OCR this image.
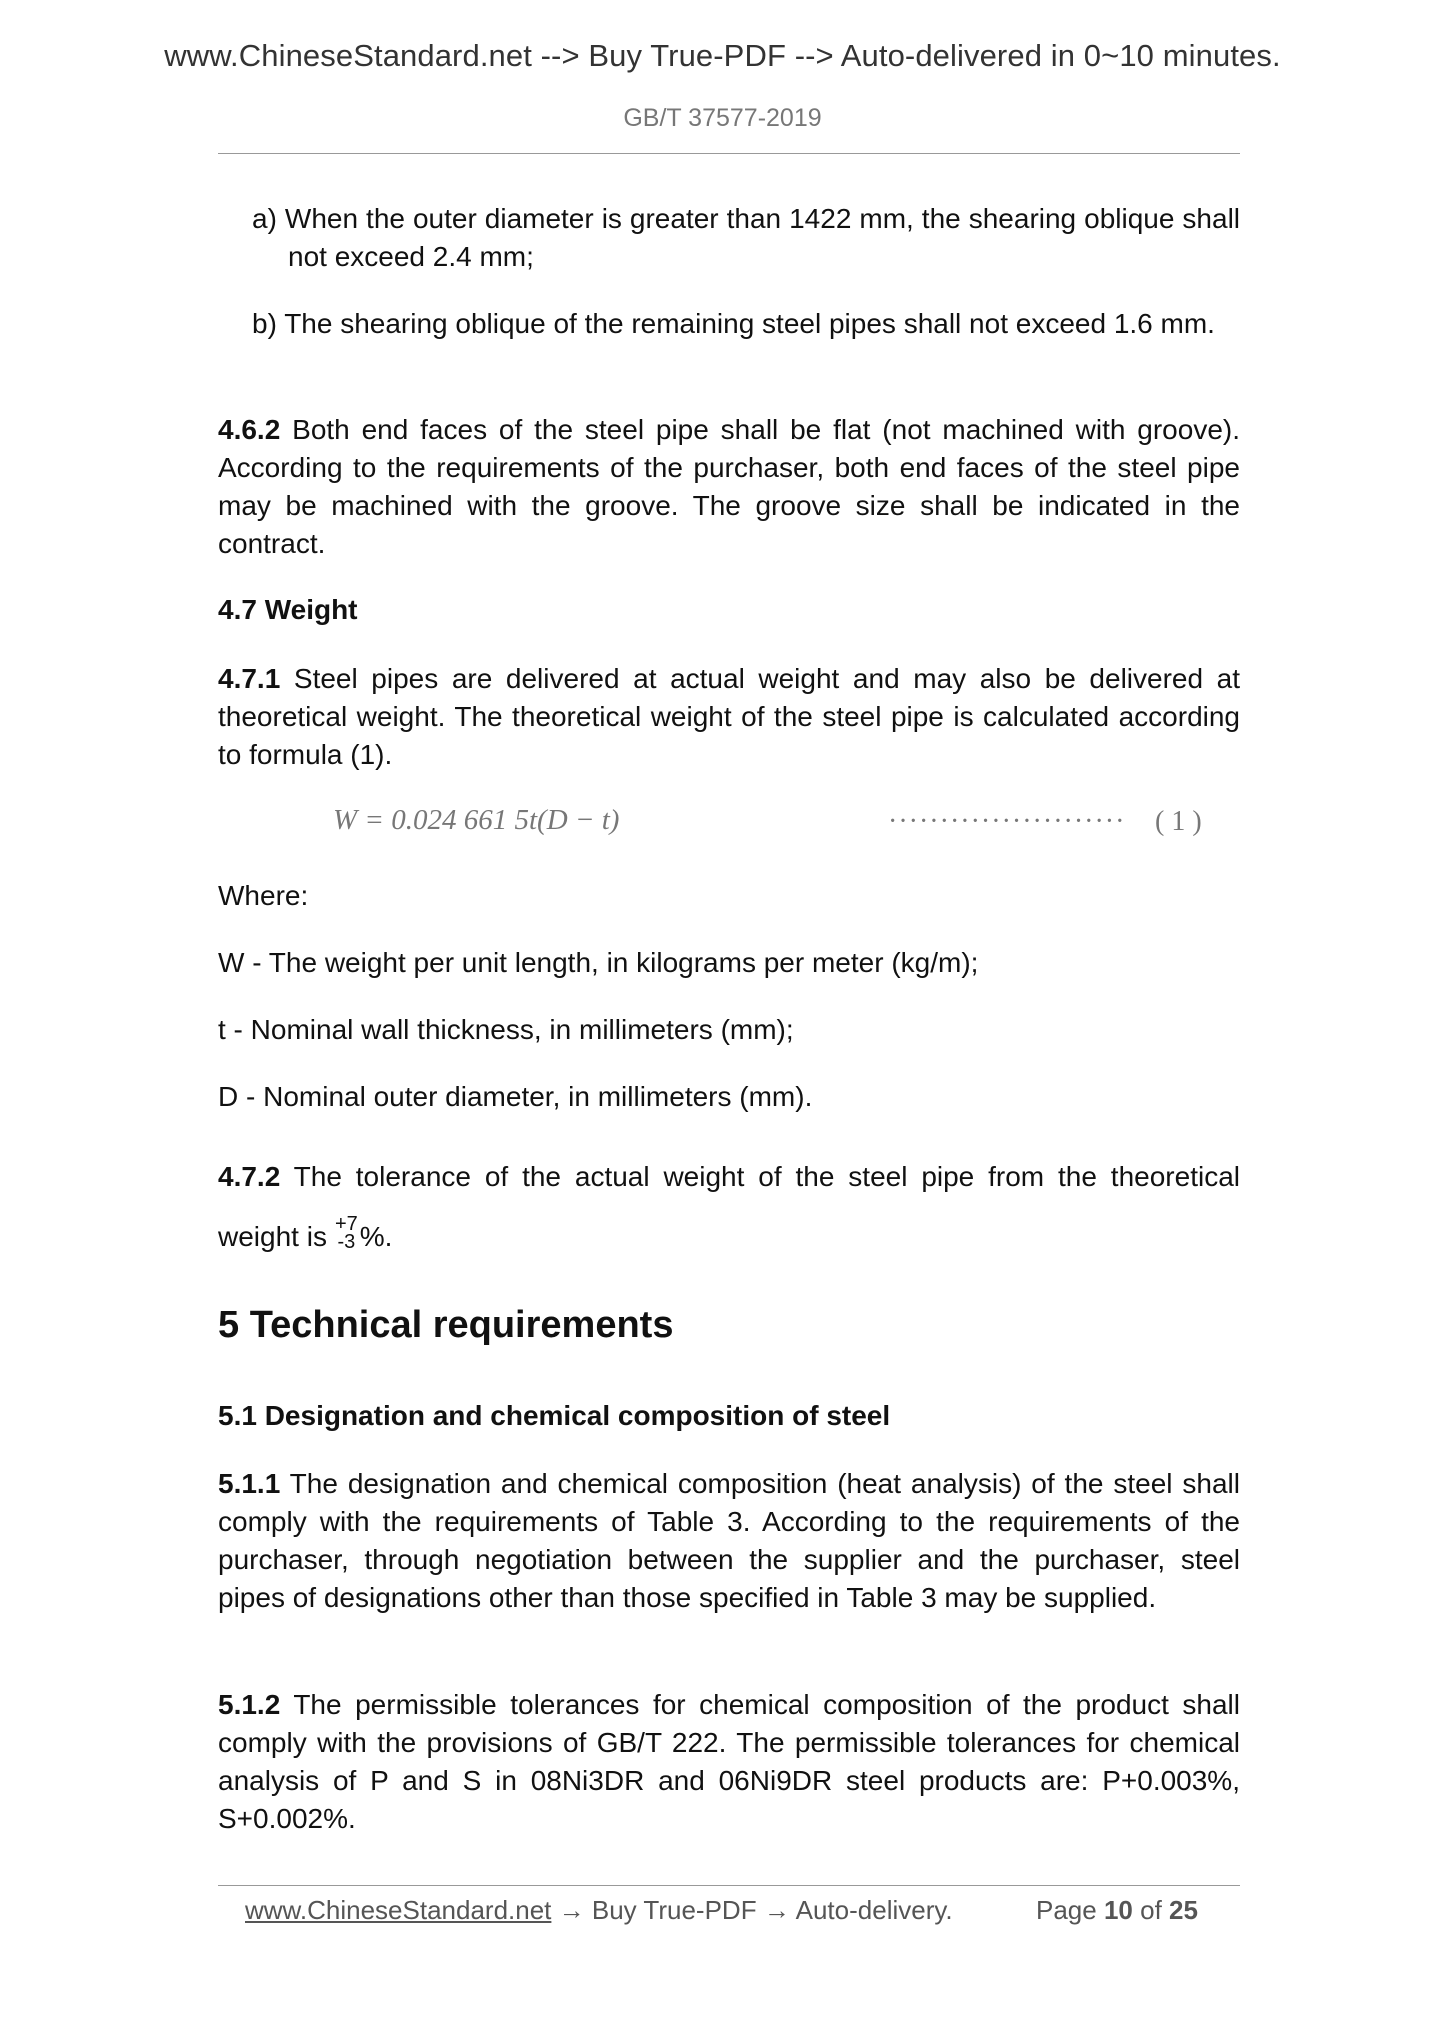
www.ChineseStandard.net --> Buy True-PDF --> Auto-delivered in 0~10 minutes.
GB/T 37577-2019
a) When the outer diameter is greater than 1422 mm, the shearing oblique shall not exceed 2.4 mm;
b) The shearing oblique of the remaining steel pipes shall not exceed 1.6 mm.
4.6.2 Both end faces of the steel pipe shall be flat (not machined with groove). According to the requirements of the purchaser, both end faces of the steel pipe may be machined with the groove. The groove size shall be indicated in the contract.
4.7 Weight
4.7.1 Steel pipes are delivered at actual weight and may also be delivered at theoretical weight. The theoretical weight of the steel pipe is calculated according to formula (1).
W = 0.024 661 5t(D − t)	······················· ( 1 )
Where:
W - The weight per unit length, in kilograms per meter (kg/m);
t - Nominal wall thickness, in millimeters (mm);
D - Nominal outer diameter, in millimeters (mm).
4.7.2 The tolerance of the actual weight of the steel pipe from the theoretical weight is +7
-3 %.
5 Technical requirements
5.1 Designation and chemical composition of steel
5.1.1 The designation and chemical composition (heat analysis) of the steel shall comply with the requirements of Table 3. According to the requirements of the purchaser, through negotiation between the supplier and the purchaser, steel pipes of designations other than those specified in Table 3 may be supplied.
5.1.2 The permissible tolerances for chemical composition of the product shall comply with the provisions of GB/T 222. The permissible tolerances for chemical analysis of P and S in 08Ni3DR and 06Ni9DR steel products are: P+0.003%, S+0.002%.
www.ChineseStandard.net → Buy True-PDF → Auto-delivery.	Page 10 of 25
